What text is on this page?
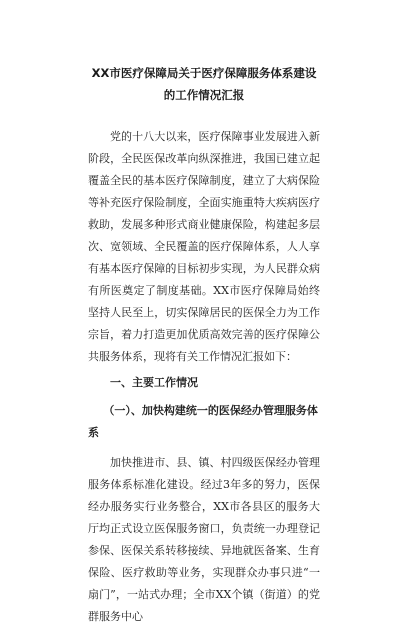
XX市医疗保障局关于医疗保障服务体系建设的工作情况汇报

党的十八大以来，医疗保障事业发展进入新阶段，全民医保改革向纵深推进，我国已建立起覆盖全民的基本医疗保障制度，建立了大病保险等补充医疗保险制度，全面实施重特大疾病医疗救助，发展多种形式商业健康保险，构建起多层次、宽领域、全民覆盖的医疗保障体系，人人享有基本医疗保障的目标初步实现，为人民群众病有所医奠定了制度基础。XX市医疗保障局始终坚持人民至上，切实保障居民的医保全力为工作宗旨，着力打造更加优质高效完善的医疗保障公共服务体系，现将有关工作情况汇报如下：

一、主要工作情况
（一）、加快构建统一的医保经办管理服务体系

加快推进市、县、镇、村四级医保经办管理服务体系标准化建设。经过3年多的努力，医保经办服务实行业务整合，XX市各县区的服务大厅均正式设立医保服务窗口，负责统一办理登记参保、医保关系转移接续、异地就医备案、生育保险、医疗救助等业务，实现群众办事只进“一扇门”，一站式办理；全市XX个镇（街道）的党群服务中心
